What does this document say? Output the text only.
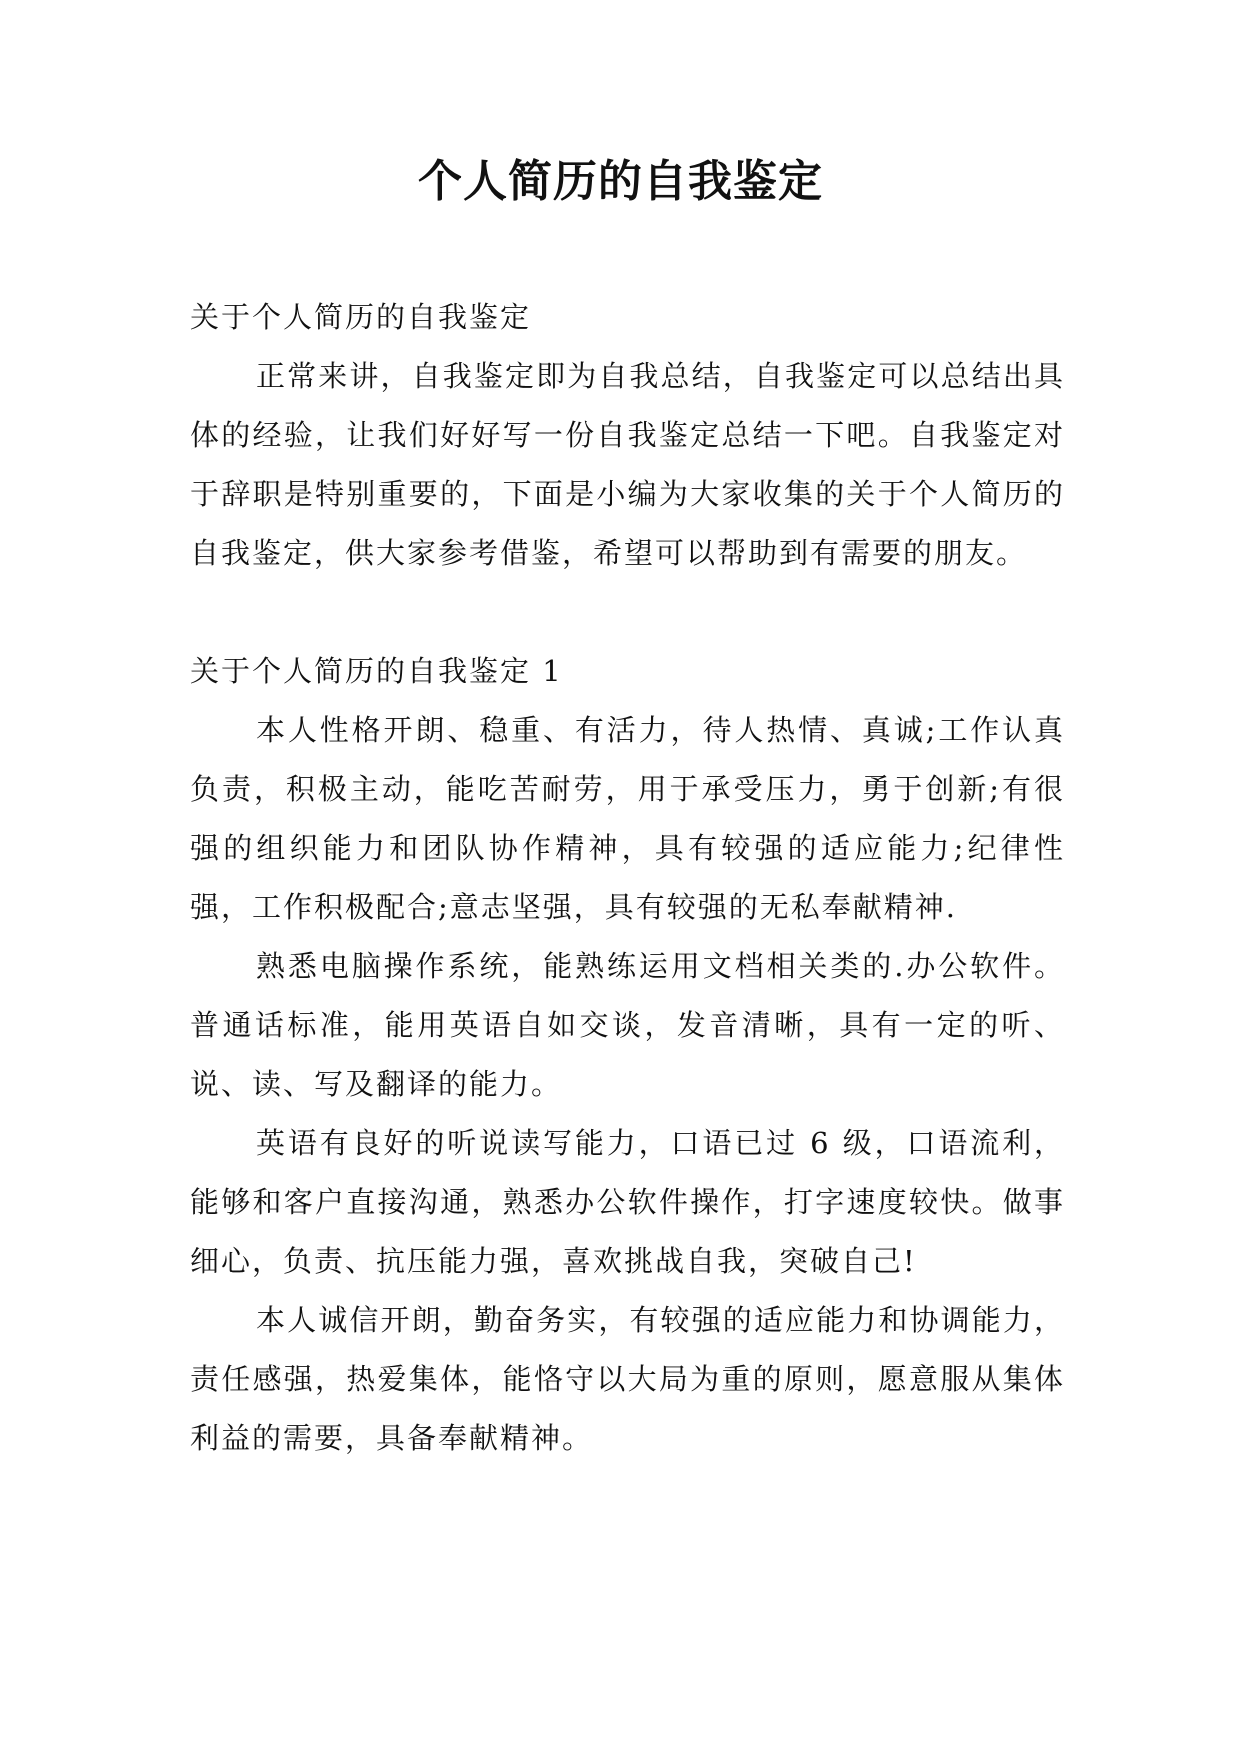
个人简历的自我鉴定

关于个人简历的自我鉴定

正常来讲，自我鉴定即为自我总结，自我鉴定可以总结出具体的经验，让我们好好写一份自我鉴定总结一下吧。自我鉴定对于辞职是特别重要的，下面是小编为大家收集的关于个人简历的自我鉴定，供大家参考借鉴，希望可以帮助到有需要的朋友。

关于个人简历的自我鉴定 1

本人性格开朗、稳重、有活力，待人热情、真诚;工作认真负责，积极主动，能吃苦耐劳，用于承受压力，勇于创新;有很强的组织能力和团队协作精神，具有较强的适应能力;纪律性强，工作积极配合;意志坚强，具有较强的无私奉献精神.

熟悉电脑操作系统，能熟练运用文档相关类的.办公软件。普通话标准，能用英语自如交谈，发音清晰，具有一定的听、说、读、写及翻译的能力。

英语有良好的听说读写能力，口语已过 6 级，口语流利，能够和客户直接沟通，熟悉办公软件操作，打字速度较快。做事细心，负责、抗压能力强，喜欢挑战自我，突破自己!

本人诚信开朗，勤奋务实，有较强的适应能力和协调能力，责任感强，热爱集体，能恪守以大局为重的原则，愿意服从集体利益的需要，具备奉献精神。
